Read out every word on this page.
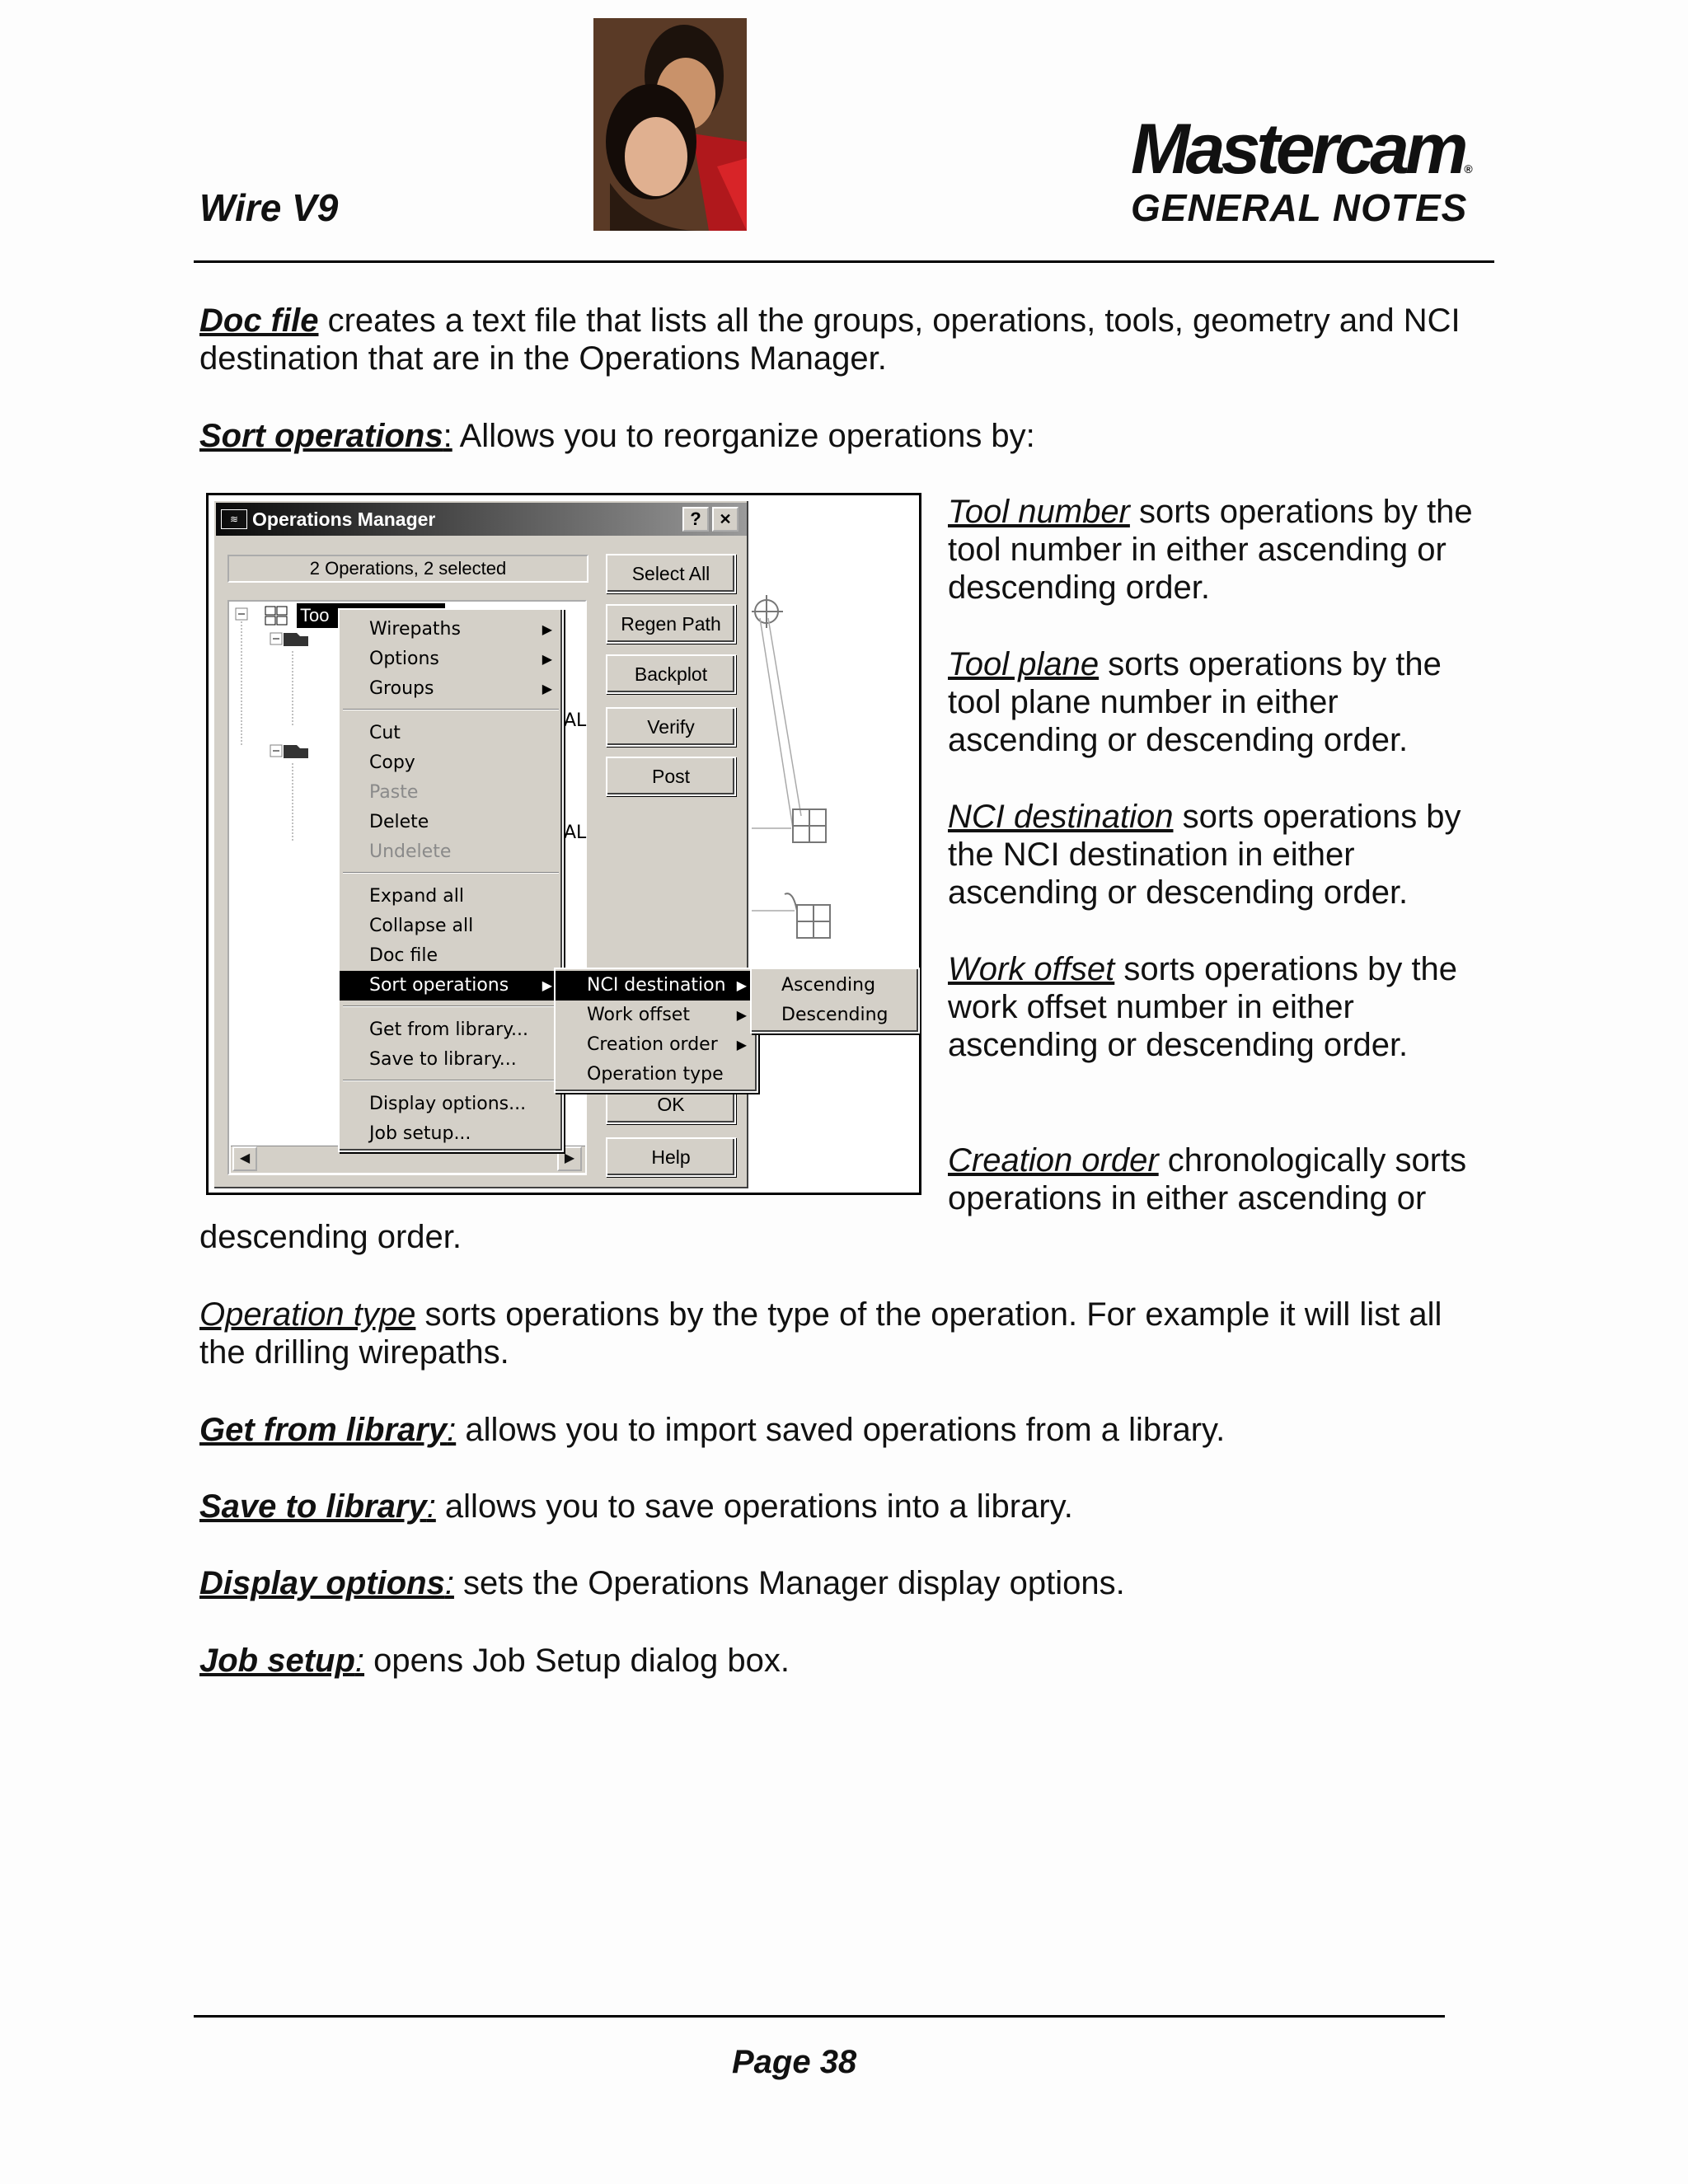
Mastercam®
Wire V9	GENERAL NOTES
Doc file creates a text file that lists all the groups, operations, tools, geometry and NCI destination that are in the Operations Manager.
Sort operations: Allows you to reorganize operations by:
Operations Manager
≋	?	✕
2 Operations, 2 selected
Too
AL
AL
◀	▶
Select All
Regen Path
Backplot
Verify
Post
OK
Help
Wirepaths	▶
Options	▶
Groups	▶
Cut
Copy
Paste
Delete
Undelete
Expand all
Collapse all
Doc file
Sort operations	▶
Get from library...
Save to library...
Display options...
Job setup...
NCI destination ▶
Work offset	▶
Creation order ▶
Operation type
Ascending
Descending
Tool number sorts operations by the tool number in either ascending or descending order.
Tool plane sorts operations by the tool plane number in either ascending or descending order.
NCI destination sorts operations by the NCI destination in either ascending or descending order.
Work offset sorts operations by the work offset number in either ascending or descending order.
Creation order chronologically sorts operations in either ascending or
descending order.
Operation type sorts operations by the type of the operation. For example it will list all the drilling wirepaths.
Get from library: allows you to import saved operations from a library.
Save to library: allows you to save operations into a library.
Display options: sets the Operations Manager display options.
Job setup: opens Job Setup dialog box.
Page 38
